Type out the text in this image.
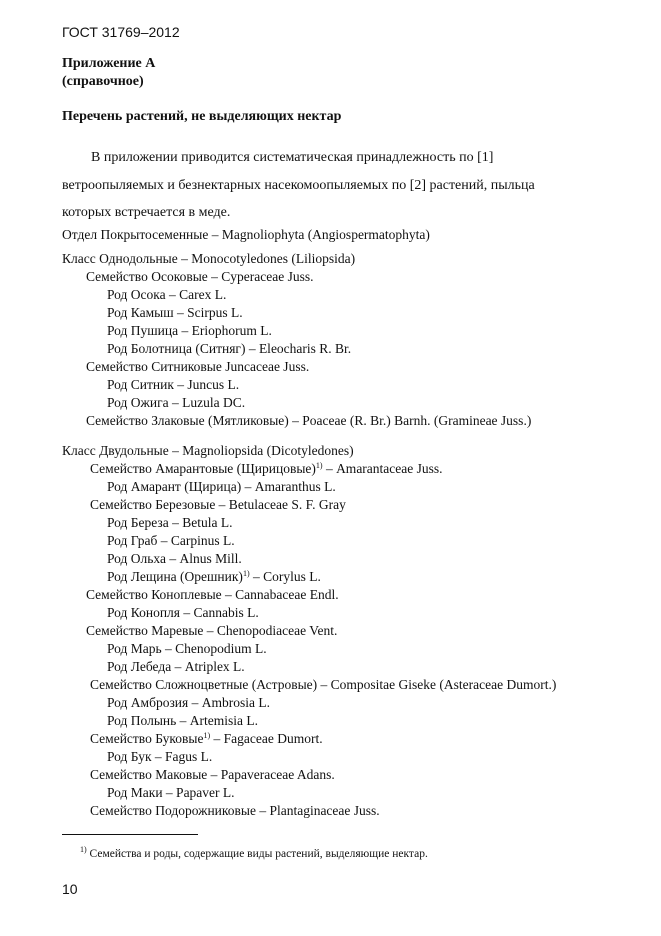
ГОСТ 31769–2012
Приложение А
(справочное)
Перечень растений, не выделяющих нектар

В приложении приводится систематическая принадлежность по [1]

ветроопыляемых и безнектарных насекомоопыляемых по [2] растений, пыльца

которых встречается в меде.

Отдел Покрытосеменные – Magnoliophyta (Angiospermatophyta)
Класс Однодольные – Monocotyledones (Liliopsida)
Семейство Осоковые – Cyperaceae Juss.
Род Осока – Carex L.
Род Камыш – Scirpus L.
Род Пушица – Eriophorum L.
Род Болотница (Ситняг) – Eleocharis R. Br.
Семейство Ситниковые Juncaceae Juss.
Род Ситник – Juncus L.
Род Ожига – Luzula DC.
Семейство Злаковые (Мятликовые) – Poaceae (R. Br.) Barnh. (Gramineae Juss.)
Класс Двудольные – Magnoliopsida (Dicotyledones)
Семейство Амарантовые (Щирицовые)$^{1)}$ – Amarantaceae Juss.
Род Амарант (Щирица) – Amaranthus L.
Семейство Березовые – Betulaceae S. F. Gray
Род Береза – Betula L.
Род Граб – Carpinus L.
Род Ольха – Alnus Mill.
Род Лещина (Орешник)$^{1)}$ – Corylus L.
Семейство Коноплевые – Cannabaceae Endl.
Род Конопля – Cannabis L.
Семейство Маревые – Chenopodiaceae Vent.
Род Марь – Chenopodium L.
Род Лебеда – Atriplex L.
Семейство Сложноцветные (Астровые) – Compositae Giseke (Asteraceae Dumort.)
Род Амброзия – Ambrosia L.
Род Полынь – Artemisia L.
Семейство Буковые$^{1)}$ – Fagaceae Dumort.
Род Бук – Fagus L.
Семейство Маковые – Papaveraceae Adans.
Род Маки – Papaver L.
Семейство Подорожниковые – Plantaginaceae Juss.
$^{1)}$ Семейства и роды, содержащие виды растений, выделяющие нектар.
10
